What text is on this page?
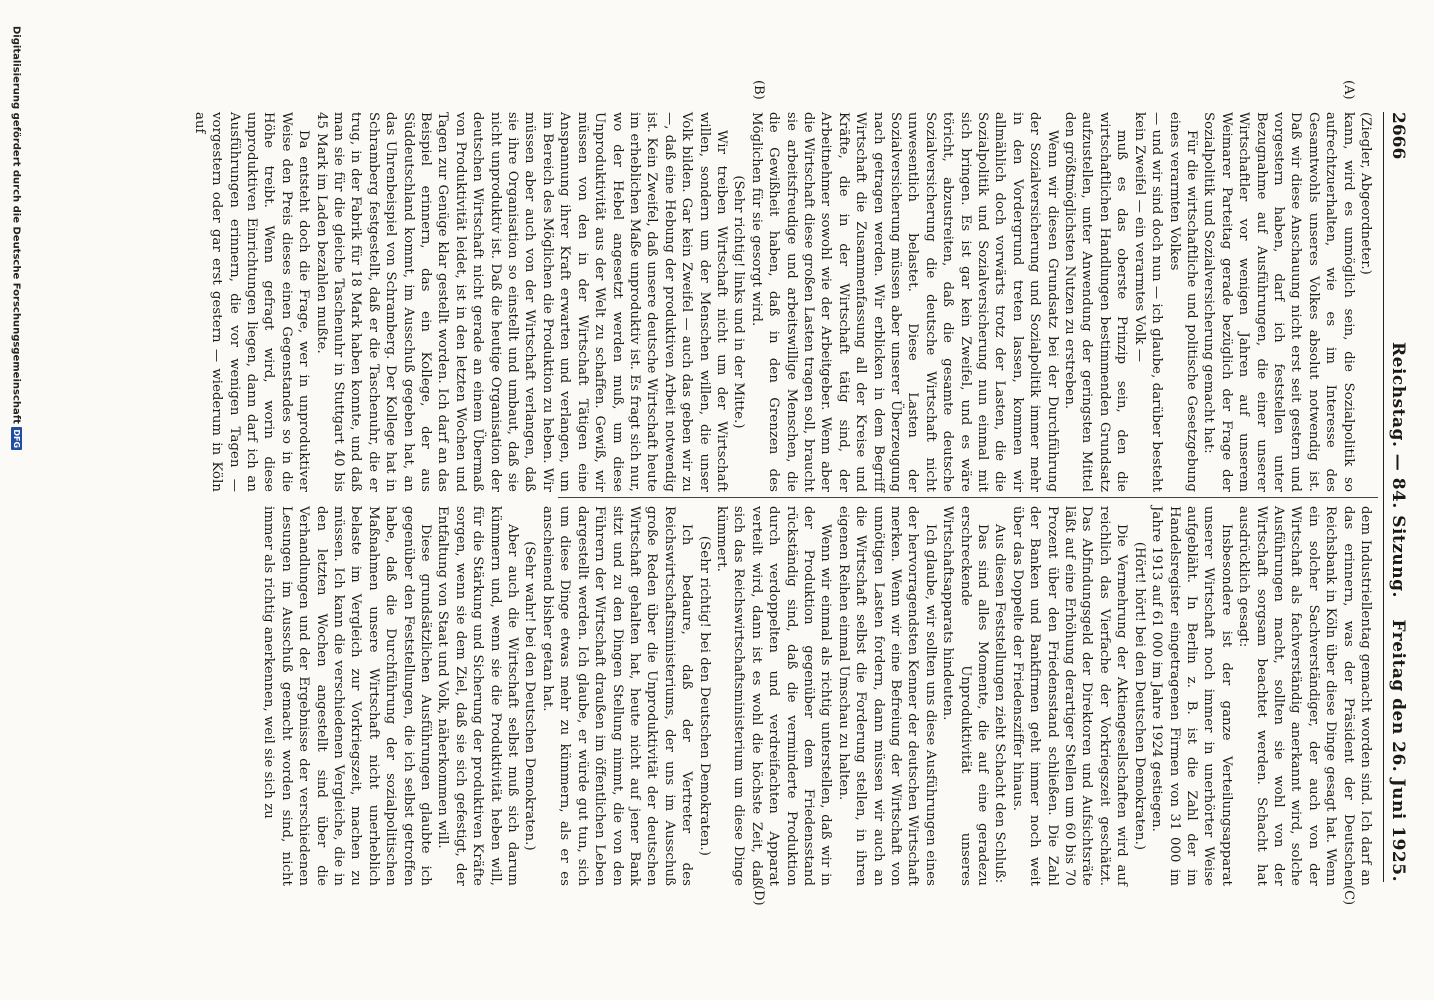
2666
Reichstag. — 84. Sitzung.
Freitag den 26. Juni 1925.
(A)
(B)
(C)
(D)

(Ziegler, Abgeordneter.)

kann, wird es unmöglich sein, die Sozialpolitik so aufrechtzuerhalten, wie es im Interesse des Gesamtwohls unseres Volkes absolut notwendig ist. Daß wir diese Anschauung nicht erst seit gestern und vorgestern haben, darf ich feststellen unter Bezugnahme auf Ausführungen, die einer unserer Wirtschaftler vor wenigen Jahren auf unserem Weimarer Parteitag gerade bezüglich der Frage der Sozialpolitik und Sozialversicherung gemacht hat:

Für die wirtschaftliche und politische Gesetzgebung eines verarmten Volkes

— und wir sind doch nun — ich glaube, darüber besteht kein Zweifel — ein verarmtes Volk —

muß es das oberste Prinzip sein, den die wirtschaftlichen Handlungen bestimmenden Grundsatz aufzustellen, unter Anwendung der geringsten Mittel den größtmöglichsten Nutzen zu erstreben.

Wenn wir diesen Grundsatz bei der Durchführung der Sozialversicherung und Sozialpolitik immer mehr in den Vordergrund treten lassen, kommen wir allmählich doch vorwärts trotz der Lasten, die die Sozialpolitik und Sozialversicherung nun einmal mit sich bringen. Es ist gar kein Zweifel, und es wäre töricht, abzustreiten, daß die gesamte deutsche Sozialversicherung die deutsche Wirtschaft nicht unwesentlich belastet. Diese Lasten der Sozialversicherung müssen aber unserer Überzeugung nach getragen werden. Wir erblicken in dem Begriff Wirtschaft die Zusammenfassung all der Kreise und Kräfte, die in der Wirtschaft tätig sind, der Arbeitnehmer sowohl wie der Arbeitgeber. Wenn aber die Wirtschaft diese großen Lasten tragen soll, braucht sie arbeitsfreudige und arbeitswillige Menschen, die die Gewißheit haben, daß in den Grenzen des Möglichen für sie gesorgt wird.

(Sehr richtig! links und in der Mitte.)

Wir treiben Wirtschaft nicht um der Wirtschaft willen, sondern um der Menschen willen, die unser Volk bilden. Gar kein Zweifel — auch das geben wir zu —, daß eine Hebung der produktiven Arbeit notwendig ist. Kein Zweifel, daß unsere deutsche Wirtschaft heute im erheblichen Maße unproduktiv ist. Es fragt sich nur, wo der Hebel angesetzt werden muß, um diese Unproduktivität aus der Welt zu schaffen. Gewiß, wir müssen von den in der Wirtschaft Tätigen eine Anspannung ihrer Kraft erwarten und verlangen, um im Bereich des Möglichen die Produktion zu heben. Wir müssen aber auch von der Wirtschaft verlangen, daß sie ihre Organisation so einstellt und umbaut, daß sie nicht unproduktiv ist. Daß die heutige Organisation der deutschen Wirtschaft nicht gerade an einem Übermaß von Produktivität leidet, ist in den letzten Wochen und Tagen zur Genüge klar gestellt worden. Ich darf an das Beispiel erinnern, das ein Kollege, der aus Süddeutschland kommt, im Ausschuß gegeben hat, an das Uhrenbeispiel von Schramberg. Der Kollege hat in Schramberg festgestellt, daß er die Taschenuhr, die er trug, in der Fabrik für 18 Mark haben konnte, und daß man sie für die gleiche Taschenuhr in Stuttgart 40 bis 45 Mark im Laden bezahlen mußte.

Da entsteht doch die Frage, wer in unproduktiver Weise den Preis dieses einen Gegenstandes so in die Höhe treibt. Wenn gefragt wird, worin diese unproduktiven Einrichtungen liegen, dann darf ich an Ausführungen erinnern, die vor wenigen Tagen — vorgestern oder gar erst gestern — wiederum in Köln auf

dem Industriellentag gemacht worden sind. Ich darf an das erinnern, was der Präsident der Deutschen Reichsbank in Köln über diese Dinge gesagt hat. Wenn ein solcher Sachverständiger, der auch von der Wirtschaft als fachverständig anerkannt wird, solche Ausführungen macht, sollten sie wohl von der Wirtschaft sorgsam beachtet werden. Schacht hat ausdrücklich gesagt:

Insbesondere ist der ganze Verteilungsapparat unserer Wirtschaft noch immer in unerhörter Weise aufgebläht. In Berlin z. B. ist die Zahl der im Handelsregister eingetragenen Firmen von 31 000 im Jahre 1913 auf 61 000 im Jahre 1924 gestiegen.

(Hört! hört! bei den Deutschen Demokraten.)

Die Vermehrung der Aktiengesellschaften wird auf reichlich das Vierfache der Vorkriegszeit geschätzt. Das Abfindungsgeld der Direktoren und Aufsichtsräte läßt auf eine Erhöhung derartiger Stellen um 60 bis 70 Prozent über den Friedensstand schließen. Die Zahl der Banken und Bankfirmen geht immer noch weit über das Doppelte der Friedensziffer hinaus.

Aus diesen Feststellungen zieht Schacht den Schluß:

Das sind alles Momente, die auf eine geradezu erschreckende Unproduktivität unseres Wirtschaftsapparats hindeuten.

Ich glaube, wir sollten uns diese Ausführungen eines der hervorragendsten Kenner der deutschen Wirtschaft merken. Wenn wir eine Befreiung der Wirtschaft von unnötigen Lasten fordern, dann müssen wir auch an die Wirtschaft selbst die Forderung stellen, in ihren eigenen Reihen einmal Umschau zu halten.

Wenn wir einmal als richtig unterstellen, daß wir in der Produktion gegenüber dem Friedensstand rückständig sind, daß die verminderte Produktion durch verdoppelten und verdreifachten Apparat verteilt wird, dann ist es wohl die höchste Zeit, daß sich das Reichswirtschaftsministerium um diese Dinge kümmert.

(Sehr richtig! bei den Deutschen Demokraten.)

Ich bedaure, daß der Vertreter des Reichswirtschaftsministeriums, der uns im Ausschuß große Reden über die Unproduktivität der deutschen Wirtschaft gehalten hat, heute nicht auf jener Bank sitzt und zu den Dingen Stellung nimmt, die von den Führern der Wirtschaft draußen im öffentlichen Leben dargestellt werden. Ich glaube, er würde gut tun, sich um diese Dinge etwas mehr zu kümmern, als er es anscheinend bisher getan hat.

(Sehr wahr! bei den Deutschen Demokraten.)

Aber auch die Wirtschaft selbst muß sich darum kümmern und, wenn sie die Produktivität heben will, für die Stärkung und Sicherung der produktiven Kräfte sorgen, wenn sie dem Ziel, daß sie sich gefestigt, der Entfaltung von Staat und Volk, näherkommen will.

Diese grundsätzlichen Ausführungen glaubte ich gegenüber den Feststellungen, die ich selbst getroffen habe, daß die Durchführung der sozialpolitischen Maßnahmen unsere Wirtschaft nicht unerheblich belaste im Vergleich zur Vorkriegszeit, machen zu müssen. Ich kann die verschiedenen Vergleiche, die in den letzten Wochen angestellt sind über die Verhandlungen und der Ergebnisse der verschiedenen Lesungen im Ausschuß gemacht worden sind, nicht immer als richtig anerkennen, weil sie sich zu

Digitalisierung gefördert durch die Deutsche Forschungsgemeinschaft DFG
